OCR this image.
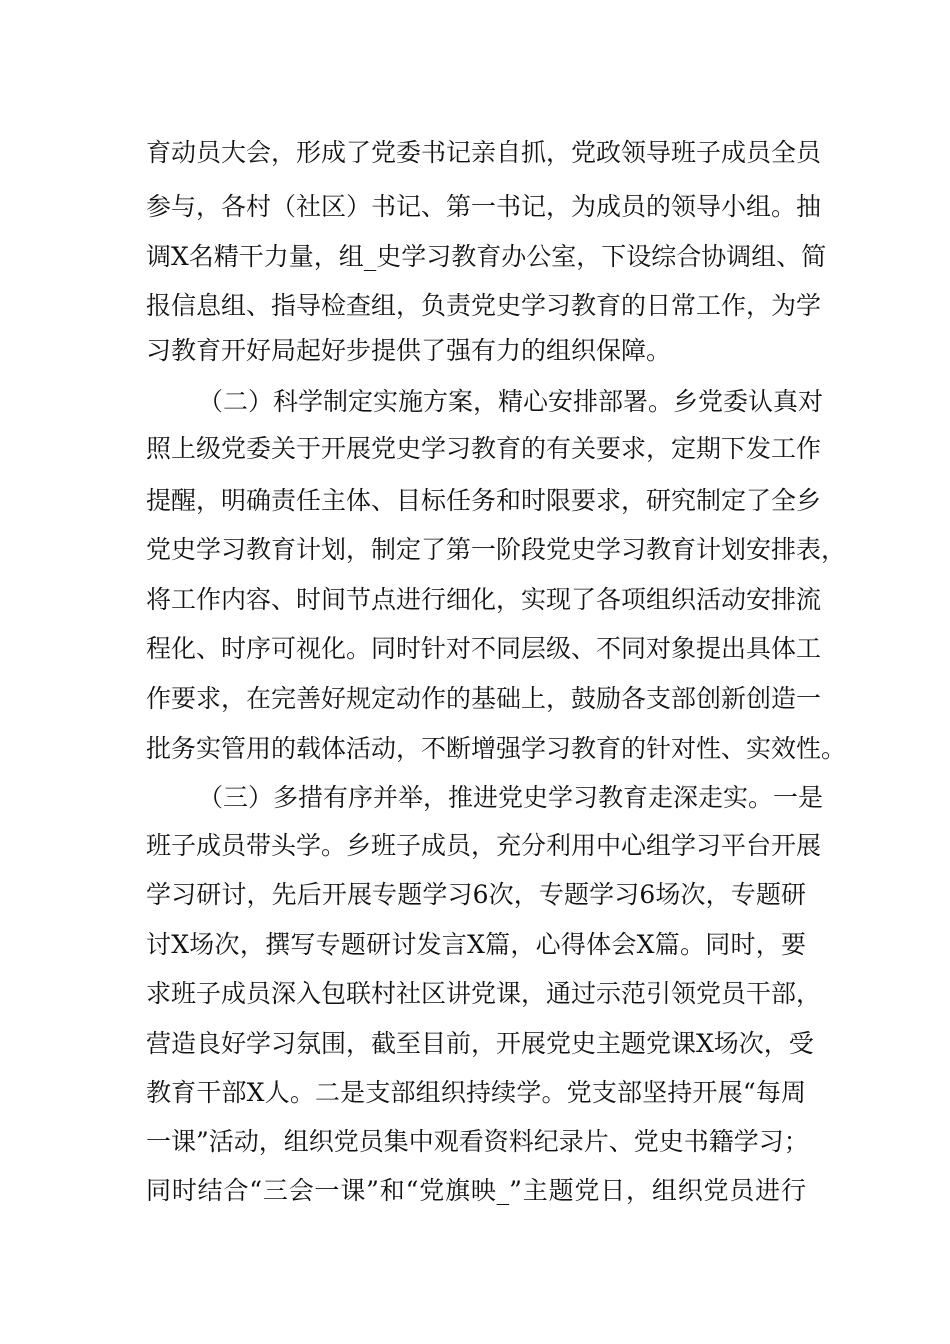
育动员大会，形成了党委书记亲自抓，党政领导班子成员全员
参与，各村（社区）书记、第一书记，为成员的领导小组。抽
调X名精干力量，组_史学习教育办公室，下设综合协调组、简
报信息组、指导检查组，负责党史学习教育的日常工作，为学
习教育开好局起好步提供了强有力的组织保障。
（二）科学制定实施方案，精心安排部署。乡党委认真对
照上级党委关于开展党史学习教育的有关要求，定期下发工作
提醒，明确责任主体、目标任务和时限要求，研究制定了全乡
党史学习教育计划，制定了第一阶段党史学习教育计划安排表，
将工作内容、时间节点进行细化，实现了各项组织活动安排流
程化、时序可视化。同时针对不同层级、不同对象提出具体工
作要求，在完善好规定动作的基础上，鼓励各支部创新创造一
批务实管用的载体活动，不断增强学习教育的针对性、实效性。
（三）多措有序并举，推进党史学习教育走深走实。一是
班子成员带头学。乡班子成员，充分利用中心组学习平台开展
学习研讨，先后开展专题学习6次，专题学习6场次，专题研
讨X场次，撰写专题研讨发言X篇，心得体会X篇。同时，要
求班子成员深入包联村社区讲党课，通过示范引领党员干部，
营造良好学习氛围，截至目前，开展党史主题党课X场次，受
教育干部X人。二是支部组织持续学。党支部坚持开展“每周
一课”活动，组织党员集中观看资料纪录片、党史书籍学习；
同时结合“三会一课”和“党旗映_”主题党日，组织党员进行
